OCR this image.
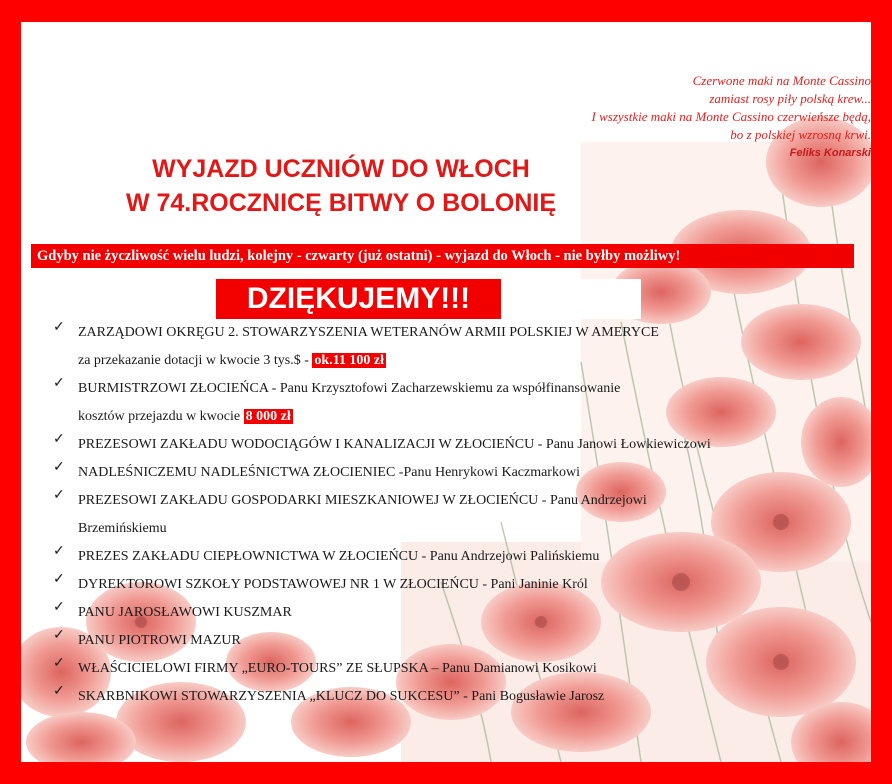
Czerwone maki na Monte Cassino
zamiast rosy piły polską krew...
I wszystkie maki na Monte Cassino czerwieńsze będą,
bo z polskiej wzrosną krwi.
Feliks Konarski
WYJAZD UCZNIÓW DO WŁOCH
W 74.ROCZNICĘ BITWY O BOLONIĘ
Gdyby nie życzliwość wielu ludzi, kolejny - czwarty (już ostatni) - wyjazd do Włoch - nie byłby możliwy!
DZIĘKUJEMY!!!
✓ ZARZĄDOWI OKRĘGU 2. STOWARZYSZENIA WETERANÓW ARMII POLSKIEJ W AMERYCE
za przekazanie dotacji w kwocie 3 tys.$ - ok.11 100 zł
✓ BURMISTRZOWI ZŁOCIEŃCA - Panu Krzysztofowi Zacharzewskiemu za współfinansowanie
kosztów przejazdu w kwocie 8 000 zł
✓ PREZESOWI ZAKŁADU WODOCIĄGÓW I KANALIZACJI W ZŁOCIEŃCU - Panu Janowi Łowkiewiczowi
✓ NADLEŚNICZEMU NADLEŚNICTWA ZŁOCIENIEC -Panu Henrykowi Kaczmarkowi
✓ PREZESOWI ZAKŁADU GOSPODARKI MIESZKANIOWEJ W ZŁOCIEŃCU - Panu Andrzejowi
Brzemińskiemu
✓ PREZES ZAKŁADU CIEPŁOWNICTWA W ZŁOCIEŃCU - Panu Andrzejowi Palińskiemu
✓ DYREKTOROWI SZKOŁY PODSTAWOWEJ NR 1 W ZŁOCIEŃCU - Pani Janinie Król
✓ PANU JAROSŁAWOWI KUSZMAR
✓ PANU PIOTROWI MAZUR
✓ WŁAŚCICIELOWI FIRMY „EURO-TOURS” ZE SŁUPSKA – Panu Damianowi Kosikowi
✓ SKARBNIKOWI STOWARZYSZENIA „KLUCZ DO SUKCESU” - Pani Bogusławie Jarosz
